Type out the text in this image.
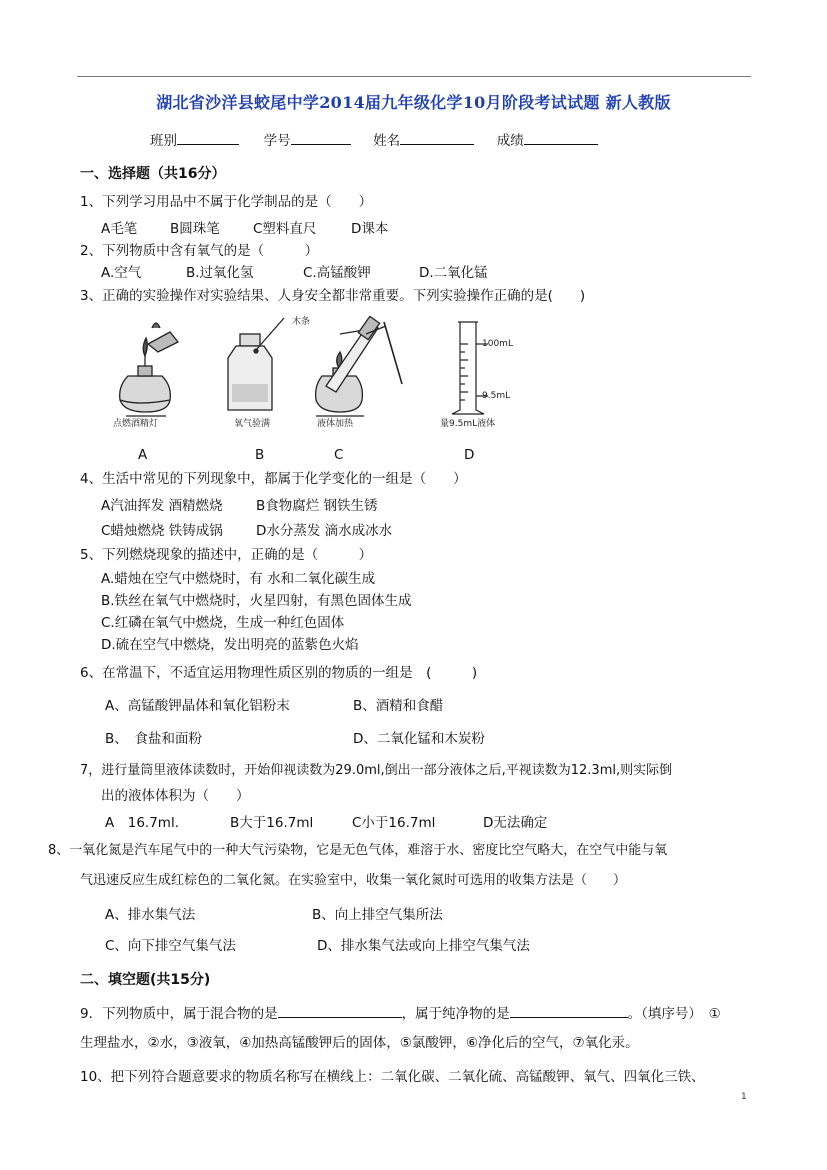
湖北省沙洋县蛟尾中学2014届九年级化学10月阶段考试试题 新人教版
班别	学号	姓名	成绩
一、选择题（共16分）
1、下列学习用品中不属于化学制品的是（　　）
A毛笔 B圆珠笔 C塑料直尺	D课本
2、下列物质中含有氧气的是（　　　）
A.空气	B.过氧化氢	C.高锰酸钾	D.二氧化锰
3、正确的实验操作对实验结果、人身安全都非常重要。下列实验操作正确的是(　　)
木条
100mL
9.5mL
点燃酒精灯	氧气验满	液体加热	量9.5mL液体
A	B	C	D
4、生活中常见的下列现象中，都属于化学变化的一组是（　　）
A汽油挥发 酒精燃烧 B食物腐烂 钢铁生锈
C蜡烛燃烧 铁铸成锅 D水分蒸发 滴水成冰水
5、下列燃烧现象的描述中，正确的是（　　　）
A.蜡烛在空气中燃烧时，有 水和二氧化碳生成
B.铁丝在氧气中燃烧时，火星四射，有黑色固体生成
C.红磷在氧气中燃烧，生成一种红色固体
D.硫在空气中燃烧，发出明亮的蓝紫色火焰
6、在常温下，不适宜运用物理性质区别的物质的一组是　(　　　)
A、高锰酸钾晶体和氧化铝粉末	B、酒精和食醋
B、　食盐和面粉	D、二氧化锰和木炭粉
7，进行量筒里液体读数时，开始仰视读数为29.0ml,倒出一部分液体之后,平视读数为12.3ml,则实际倒
出的液体体积为（　　）
A　16.7ml.	B大于16.7ml	C小于16.7ml	D无法确定
8、一氧化氮是汽车尾气中的一种大气污染物，它是无色气体，难溶于水、密度比空气略大，在空气中能与氧
气迅速反应生成红棕色的二氧化氮。在实验室中，收集一氧化氮时可选用的收集方法是（　　）
A、排水集气法	B、向上排空气集所法
C、向下排空气集气法	D、排水集气法或向上排空气集气法
二、填空题(共15分)
9．下列物质中，属于混合物的是	，属于纯净物的是	。（填序号）　①
生理盐水，②水，③液氧，④加热高锰酸钾后的固体，⑤氯酸钾，⑥净化后的空气，⑦氧化汞。
10、把下列符合题意要求的物质名称写在横线上：二氧化碳、二氧化硫、高锰酸钾、氧气、四氧化三铁、
1
